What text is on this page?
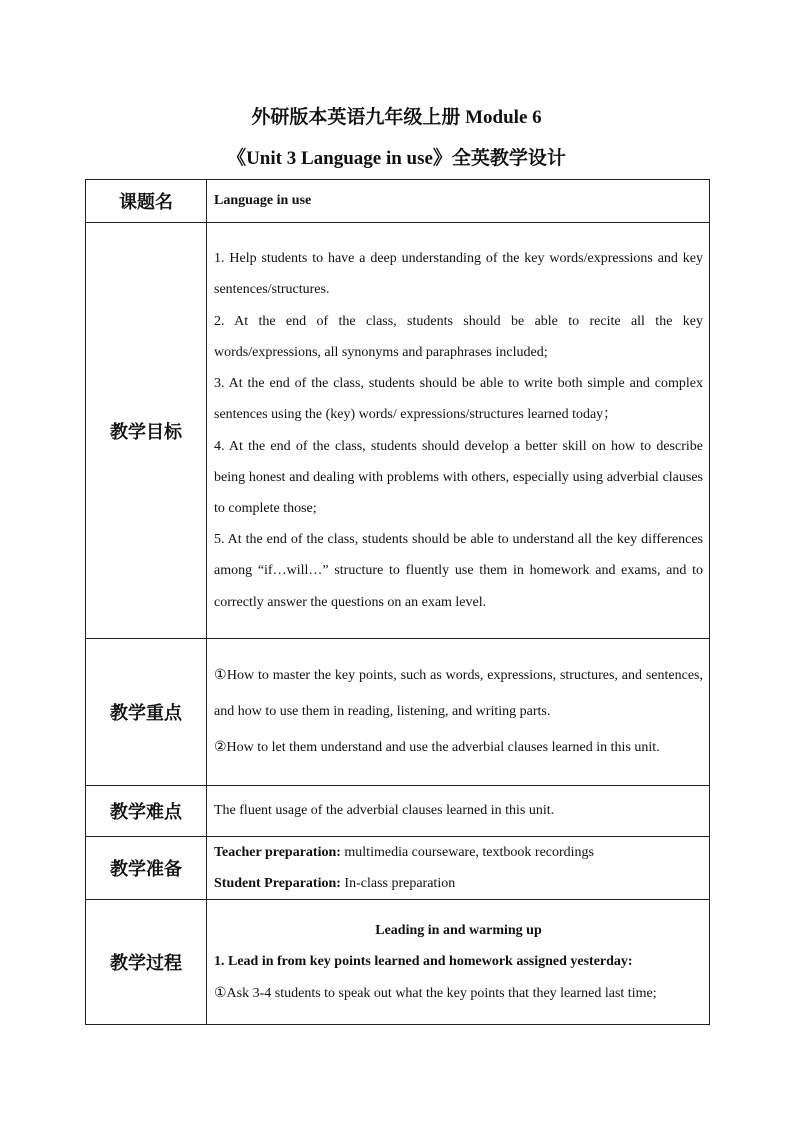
外研版本英语九年级上册 Module 6
《Unit 3 Language in use》全英教学设计
课题名	Language in use
教学目标	1. Help students to have a deep understanding of the key words/expressions and key sentences/structures.

2. At the end of the class, students should be able to recite all the key words/expressions, all synonyms and paraphrases included;

3. At the end of the class, students should be able to write both simple and complex sentences using the (key) words/ expressions/structures learned today；

4. At the end of the class, students should develop a better skill on how to describe being honest and dealing with problems with others, especially using adverbial clauses to complete those;

5. At the end of the class, students should be able to understand all the key differences among “if…will…” structure to fluently use them in homework and exams, and to correctly answer the questions on an exam level.

教学重点	①How to master the key points, such as words, expressions, structures, and sentences, and how to use them in reading, listening, and writing parts.

②How to let them understand and use the adverbial clauses learned in this unit.

教学难点	The fluent usage of the adverbial clauses learned in this unit.
教学准备	Teacher preparation: multimedia courseware, textbook recordings

Student Preparation: In-class preparation

教学过程	Leading in and warming up

1. Lead in from key points learned and homework assigned yesterday:

①Ask 3-4 students to speak out what the key points that they learned last time;
